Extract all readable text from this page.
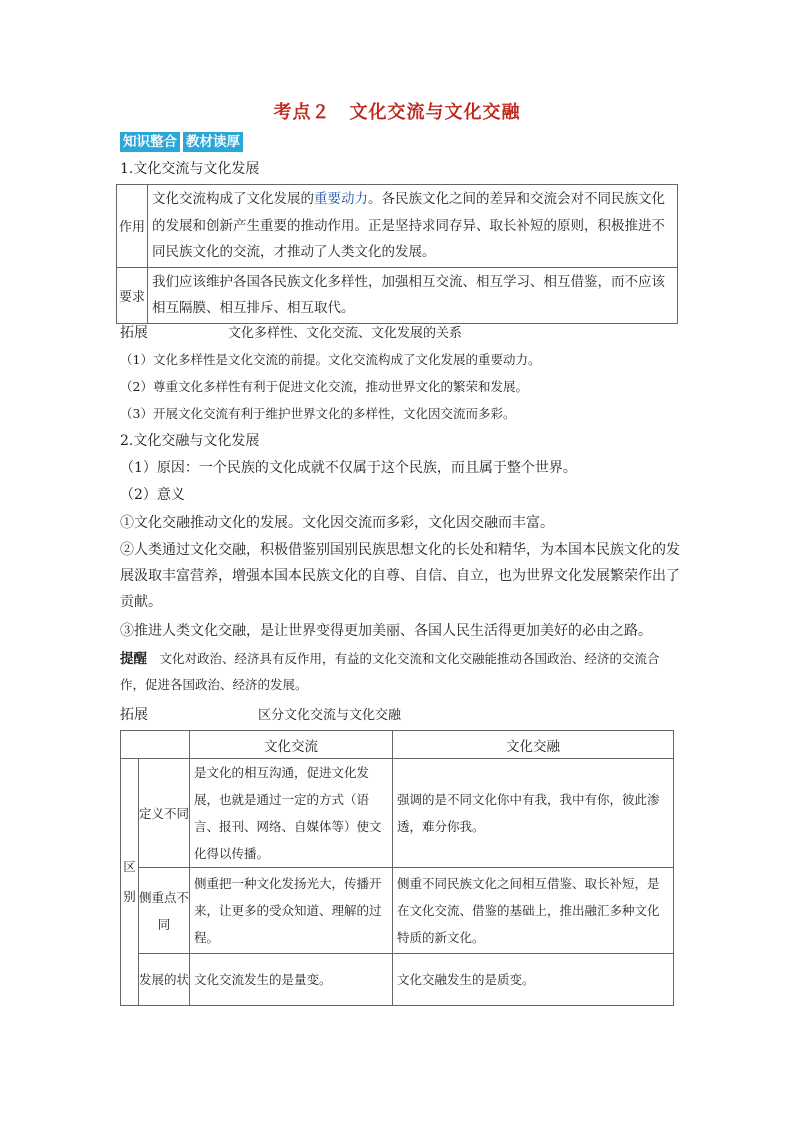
考点２　文化交流与文化交融
知识整合 教材读厚
1.文化交流与文化发展
作用	文化交流构成了文化发展的重要动力。各民族文化之间的差异和交流会对不同民族文化的发展和创新产生重要的推动作用。正是坚持求同存异、取长补短的原则，积极推进不同民族文化的交流，才推动了人类文化的发展。
要求	我们应该维护各国各民族文化多样性，加强相互交流、相互学习、相互借鉴，而不应该相互隔膜、相互排斥、相互取代。
拓展	文化多样性、文化交流、文化发展的关系
（1）文化多样性是文化交流的前提。文化交流构成了文化发展的重要动力。
（2）尊重文化多样性有利于促进文化交流，推动世界文化的繁荣和发展。
（3）开展文化交流有利于维护世界文化的多样性，文化因交流而多彩。
2.文化交融与文化发展
（1）原因：一个民族的文化成就不仅属于这个民族，而且属于整个世界。
（2）意义
①文化交融推动文化的发展。文化因交流而多彩，文化因交融而丰富。
②人类通过文化交融，积极借鉴别国别民族思想文化的长处和精华，为本国本民族文化的发展汲取丰富营养，增强本国本民族文化的自尊、自信、自立，也为世界文化发展繁荣作出了贡献。
③推进人类文化交融，是让世界变得更加美丽、各国人民生活得更加美好的必由之路。
提醒　 文化对政治、经济具有反作用，有益的文化交流和文化交融能推动各国政治、经济的交流合作，促进各国政治、经济的发展。
拓展	区分文化交流与文化交融
		文化交流	文化交融
区别	定义不同	是文化的相互沟通，促进文化发展，也就是通过一定的方式（语言、报刊、网络、自媒体等）使文化得以传播。	强调的是不同文化你中有我，我中有你，彼此渗透，难分你我。
	侧重点不同	侧重把一种文化发扬光大，传播开来，让更多的受众知道、理解的过程。	侧重不同民族文化之间相互借鉴、取长补短，是在文化交流、借鉴的基础上，推出融汇多种文化特质的新文化。
	发展的状	文化交流发生的是量变。	文化交融发生的是质变。
